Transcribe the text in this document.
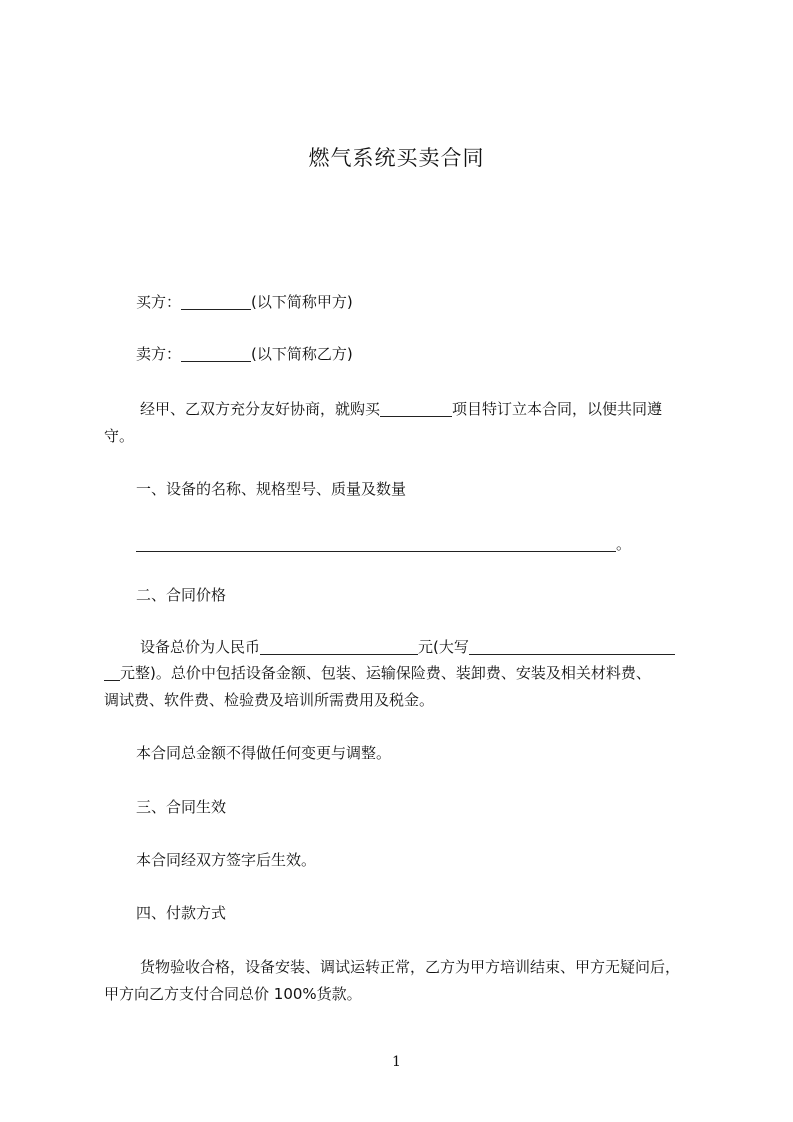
燃气系统买卖合同
买方：	(以下简称甲方)
卖方：	(以下简称乙方)
经甲、乙双方充分友好协商，就购买	项目特订立本合同，以便共同遵
守。
一、设备的名称、规格型号、质量及数量
。
二、合同价格
设备总价为人民币	元(大写
元整)。总价中包括设备金额、包装、运输保险费、装卸费、安装及相关材料费、
调试费、软件费、检验费及培训所需费用及税金。
本合同总金额不得做任何变更与调整。
三、合同生效
本合同经双方签字后生效。
四、付款方式
货物验收合格，设备安装、调试运转正常，乙方为甲方培训结束、甲方无疑问后，
甲方向乙方支付合同总价 100%货款。
1
